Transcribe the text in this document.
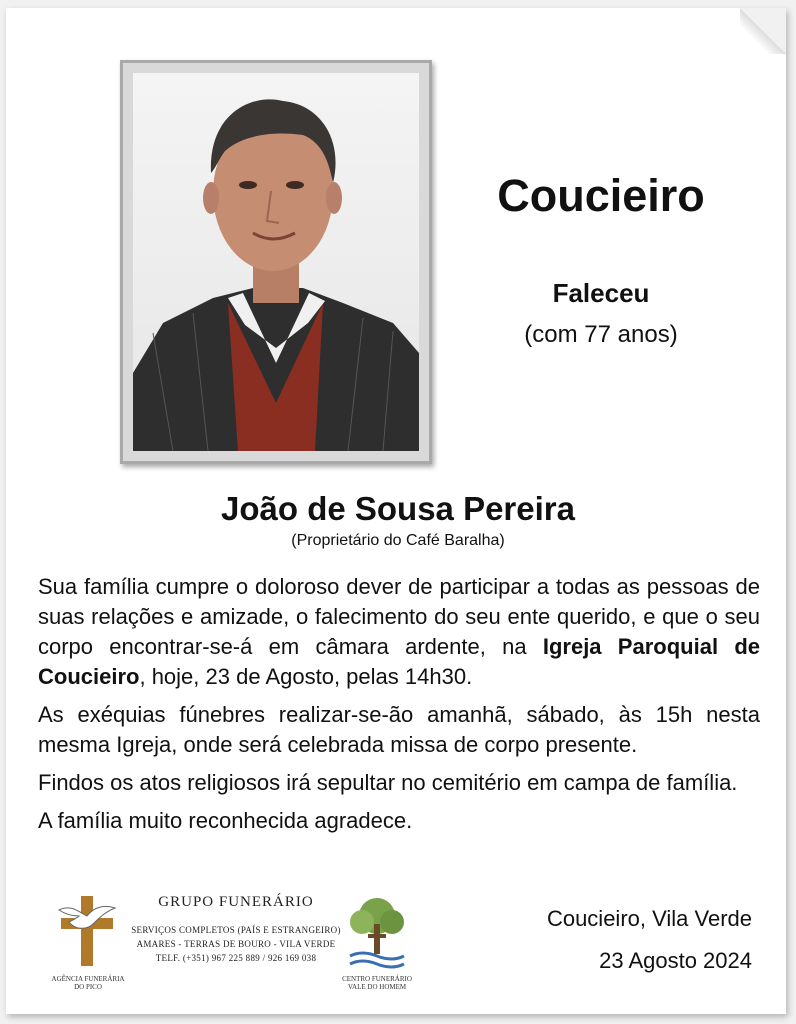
Coucieiro
Faleceu
(com 77 anos)
João de Sousa Pereira
(Proprietário do Café Baralha)

Sua família cumpre o doloroso dever de participar a todas as pessoas de suas relações e amizade, o falecimento do seu ente querido, e que o seu corpo encontrar-se-á em câmara ardente, na Igreja Paroquial de Coucieiro, hoje, 23 de Agosto, pelas 14h30.

As exéquias fúnebres realizar-se-ão amanhã, sábado, às 15h nesta mesma Igreja, onde será celebrada missa de corpo presente.

Findos os atos religiosos irá sepultar no cemitério em campa de família.

A família muito reconhecida agradece.

AGÊNCIA FUNERÁRIA
DO PICO
GRUPO FUNERÁRIO
SERVIÇOS COMPLETOS (PAÍS E ESTRANGEIRO)
AMARES - TERRAS DE BOURO - VILA VERDE
TELF. (+351) 967 225 889 / 926 169 038
CENTRO FUNERÁRIO
VALE DO HOMEM
Coucieiro, Vila Verde
23 Agosto 2024
